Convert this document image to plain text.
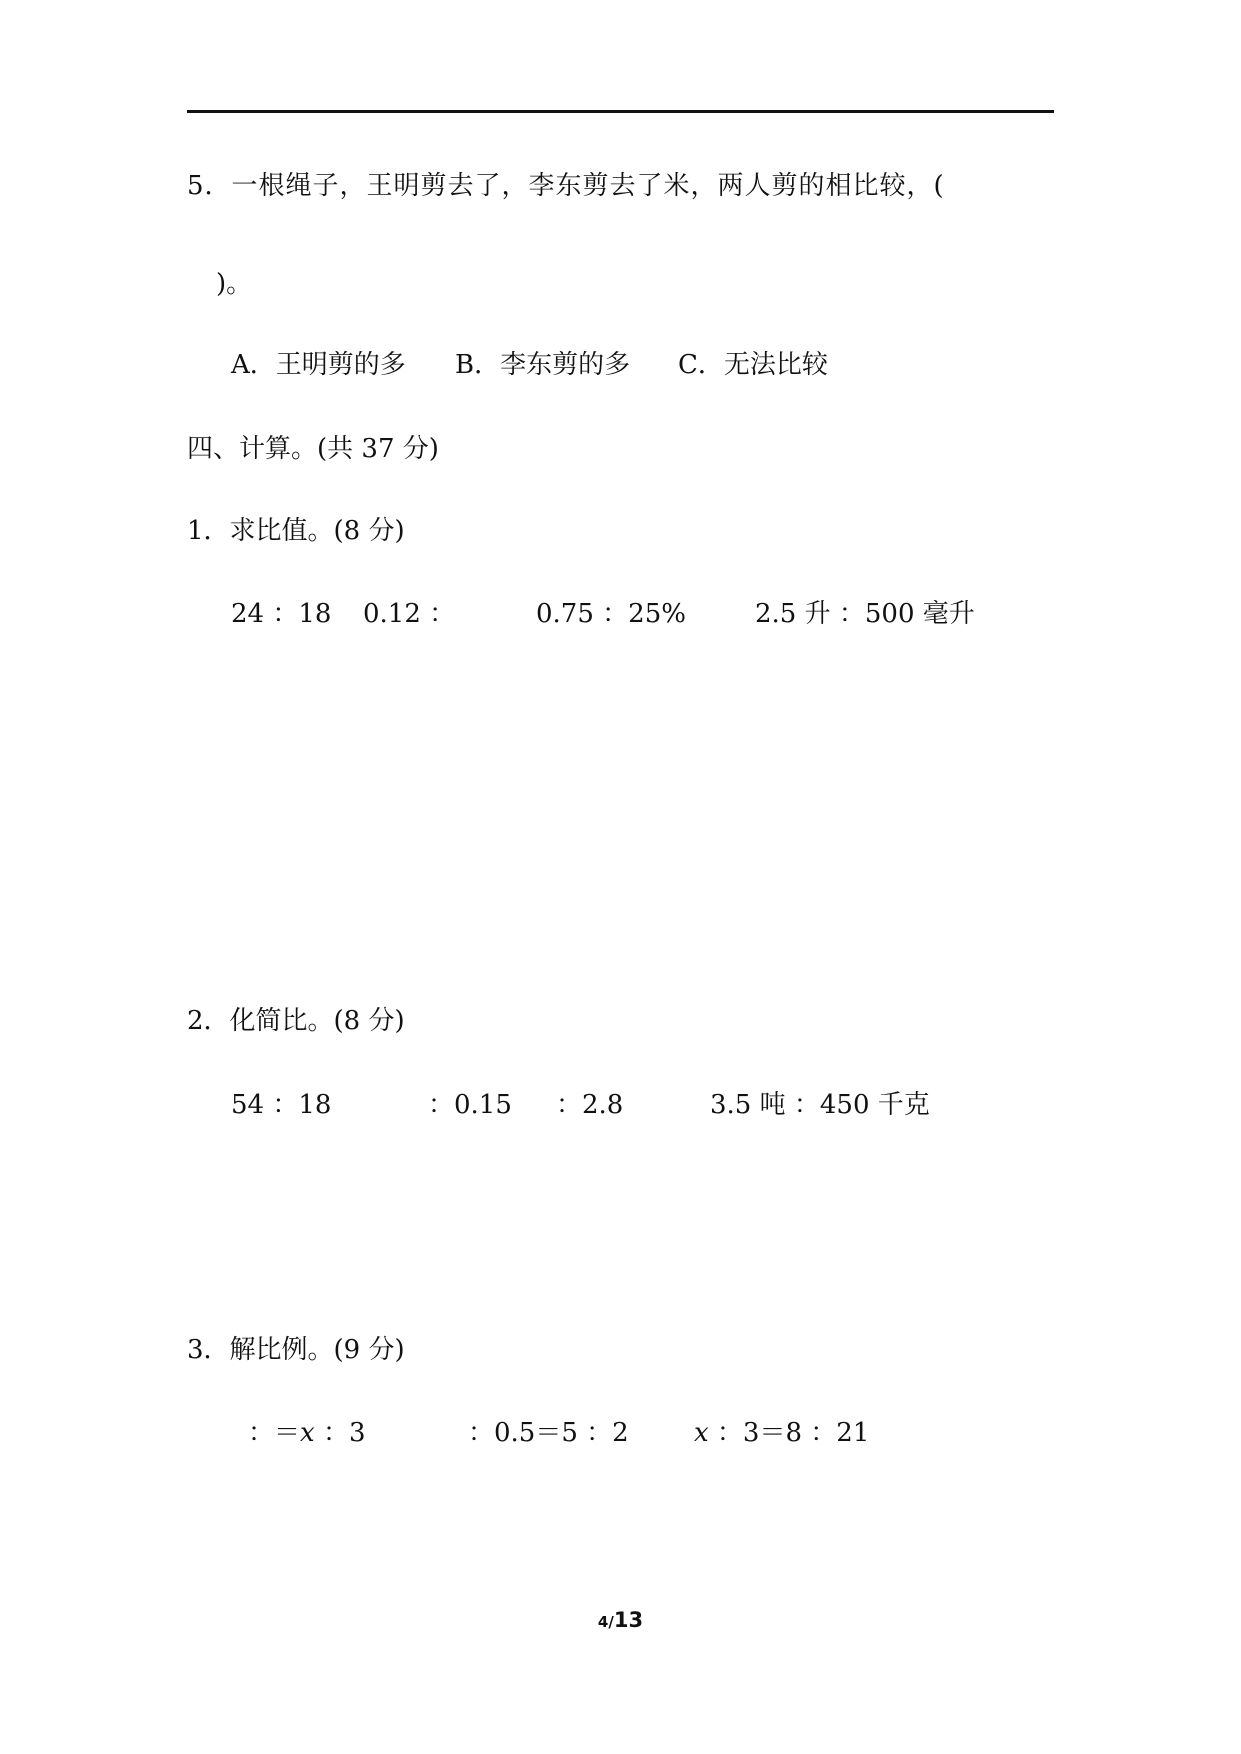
5．一根绳子，王明剪去了，李东剪去了米，两人剪的相比较，(
)。
A．王明剪的多 B．李东剪的多 C．无法比较
四、计算。(共 37 分)
1．求比值。(8 分)
24 ：18 0.12 ：	0.75 ：25%	2.5 升 ：500 毫升
2．化简比。(8 分)
54 ：18	：0.15 ：2.8	3.5 吨 ：450 千克
3．解比例。(9 分)
：＝x ：3	：0.5＝5 ：2	x ：3＝8 ：21
4/13
